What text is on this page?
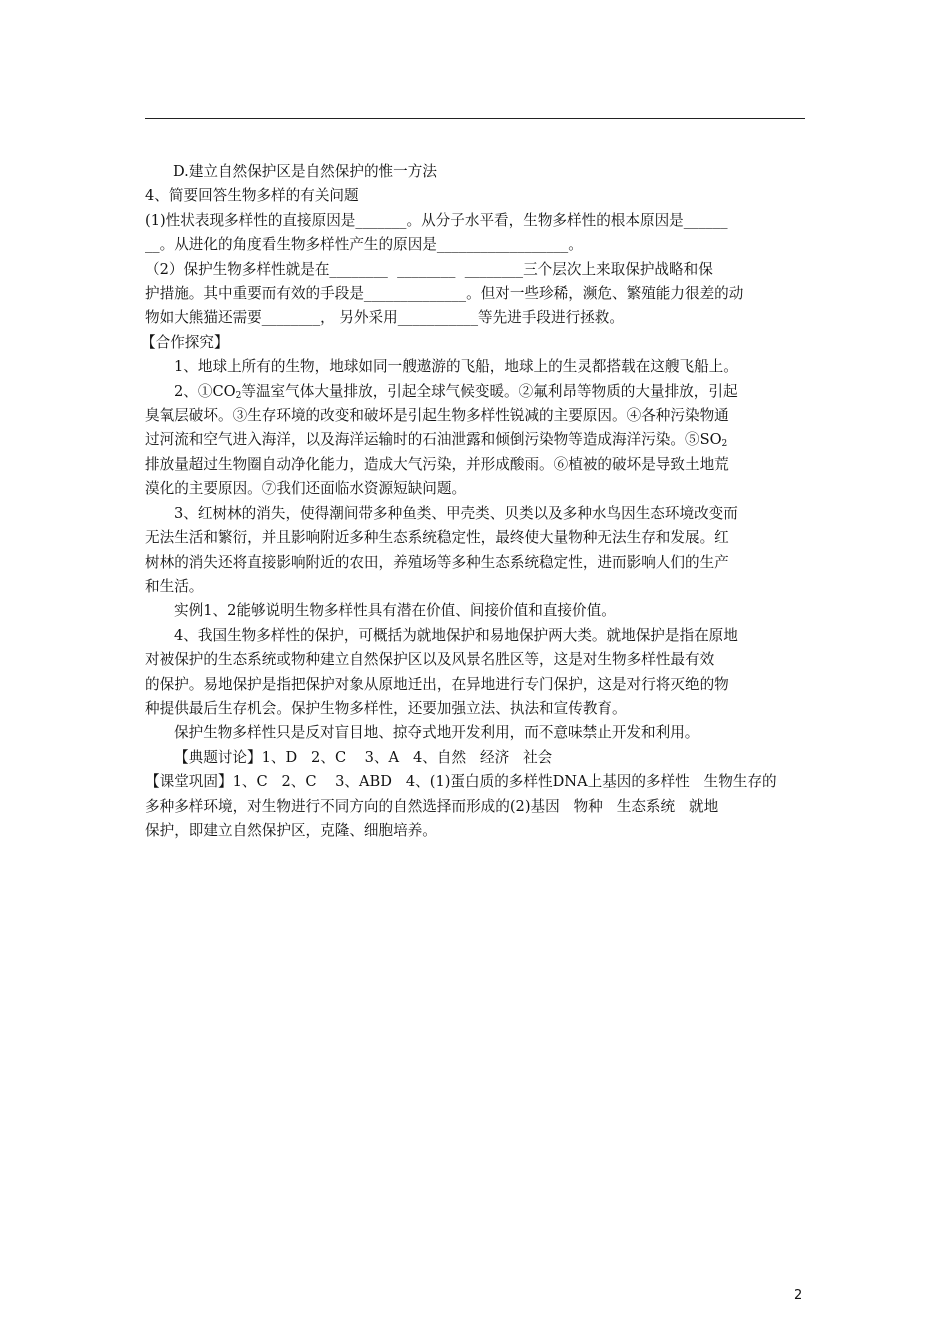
D.建立自然保护区是自然保护的惟一方法

4、简要回答生物多样的有关问题

(1)性状表现多样性的直接原因是_______。从分子水平看，生物多样性的根本原因是______

__。从进化的角度看生物多样性产生的原因是__________________。

（2）保护生物多样性就是在________  ________  ________三个层次上来取保护战略和保

护措施。其中重要而有效的手段是______________。但对一些珍稀，濒危、繁殖能力很差的动

物如大熊猫还需要________， 另外采用___________等先进手段进行拯救。

【合作探究】

1、地球上所有的生物，地球如同一艘遨游的飞船，地球上的生灵都搭载在这艘飞船上。

2、$①CO_2$等温室气体大量排放，引起全球气候变暖。②氟利昂等物质的大量排放，引起

臭氧层破坏。③生存环境的改变和破坏是引起生物多样性锐减的主要原因。④各种污染物通

过河流和空气进入海洋，以及海洋运输时的石油泄露和倾倒污染物等造成海洋污染。$⑤SO_2$

排放量超过生物圈自动净化能力，造成大气污染，并形成酸雨。⑥植被的破坏是导致土地荒

漠化的主要原因。⑦我们还面临水资源短缺问题。

3、红树林的消失，使得潮间带多种鱼类、甲壳类、贝类以及多种水鸟因生态环境改变而

无法生活和繁衍，并且影响附近多种生态系统稳定性，最终使大量物种无法生存和发展。红

树林的消失还将直接影响附近的农田，养殖场等多种生态系统稳定性，进而影响人们的生产

和生活。

实例1、2能够说明生物多样性具有潜在价值、间接价值和直接价值。

4、我国生物多样性的保护，可概括为就地保护和易地保护两大类。就地保护是指在原地

对被保护的生态系统或物种建立自然保护区以及风景名胜区等，这是对生物多样性最有效

的保护。易地保护是指把保护对象从原地迁出，在异地进行专门保护，这是对行将灭绝的物

种提供最后生存机会。保护生物多样性，还要加强立法、执法和宣传教育。

保护生物多样性只是反对盲目地、掠夺式地开发利用，而不意味禁止开发和利用。

【典题讨论】1、D   2、C    3、A   4、自然   经济   社会

【课堂巩固】1、C   2、C    3、ABD   4、(1)蛋白质的多样性DNA上基因的多样性   生物生存的

多种多样环境，对生物进行不同方向的自然选择而形成的(2)基因   物种   生态系统   就地

保护，即建立自然保护区，克隆、细胞培养。

2
